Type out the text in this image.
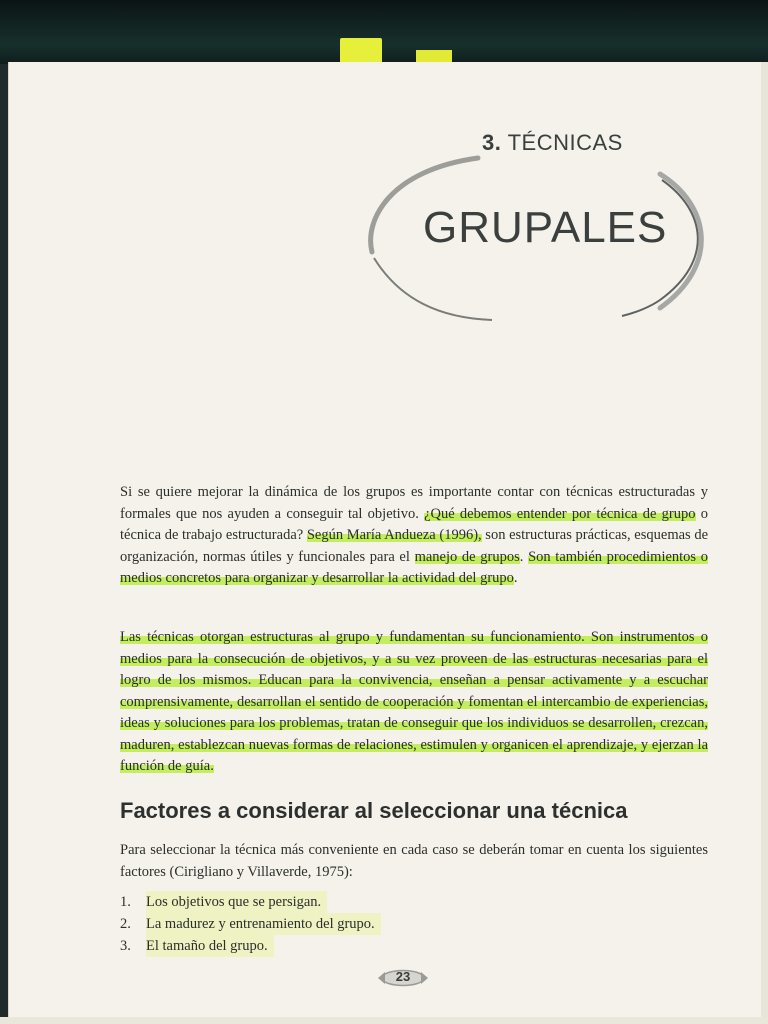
3. TÉCNICAS
GRUPALES
Si se quiere mejorar la dinámica de los grupos es importante contar con técnicas estructuradas y formales que nos ayuden a conseguir tal objetivo. ¿Qué debemos entender por técnica de grupo o técnica de trabajo estructurada? Según María Andueza (1996), son estructuras prácticas, esquemas de organización, normas útiles y funcionales para el manejo de grupos. Son también procedimientos o medios concretos para organizar y desarrollar la actividad del grupo.
Las técnicas otorgan estructuras al grupo y fundamentan su funcionamiento. Son instrumentos o medios para la consecución de objetivos, y a su vez proveen de las estructuras necesarias para el logro de los mismos. Educan para la convivencia, enseñan a pensar activamente y a escuchar comprensivamente, desarrollan el sentido de cooperación y fomentan el intercambio de experiencias, ideas y soluciones para los problemas, tratan de conseguir que los individuos se desarrollen, crezcan, maduren, establezcan nuevas formas de relaciones, estimulen y organicen el aprendizaje, y ejerzan la función de guía.
Factores a considerar al seleccionar una técnica
Para seleccionar la técnica más conveniente en cada caso se deberán tomar en cuenta los siguientes factores (Cirigliano y Villaverde, 1975):
1.	Los objetivos que se persigan.
2.	La madurez y entrenamiento del grupo.
3.	El tamaño del grupo.
23
